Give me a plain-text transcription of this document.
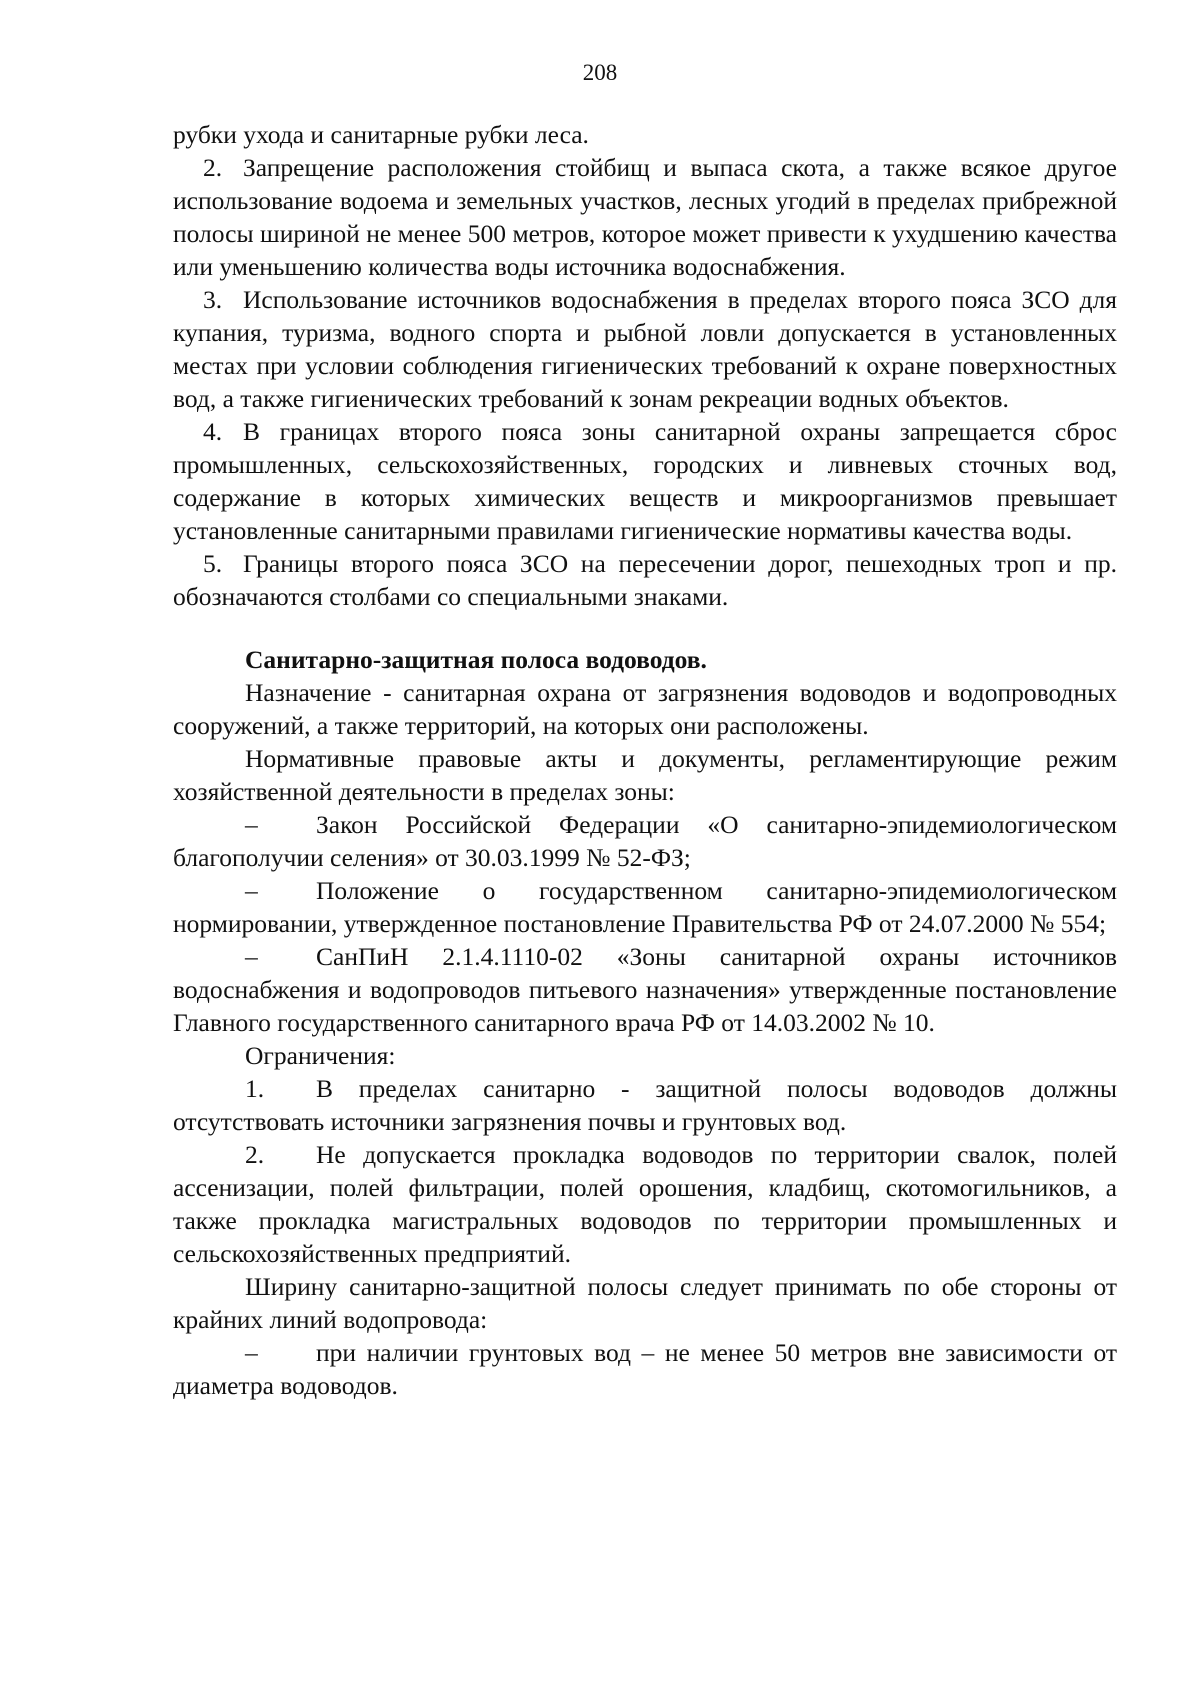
208

рубки ухода и санитарные рубки леса.

2. Запрещение расположения стойбищ и выпаса скота, а также всякое другое использование водоема и земельных участков, лесных угодий в пределах прибрежной полосы шириной не менее 500 метров, которое может привести к ухудшению качества или уменьшению количества воды источника водоснабжения.

3. Использование источников водоснабжения в пределах второго пояса ЗСО для купания, туризма, водного спорта и рыбной ловли допускается в установленных местах при условии соблюдения гигиенических требований к охране поверхностных вод, а также гигиенических требований к зонам рекреации водных объектов.

4. В границах второго пояса зоны санитарной охраны запрещается сброс промышленных, сельскохозяйственных, городских и ливневых сточных вод, содержание в которых химических веществ и микроорганизмов превышает установленные санитарными правилами гигиенические нормативы качества воды.

5. Границы второго пояса ЗСО на пересечении дорог, пешеходных троп и пр. обозначаются столбами со специальными знаками.

Санитарно-защитная полоса водоводов.

Назначение - санитарная охрана от загрязнения водоводов и водопроводных сооружений, а также территорий, на которых они расположены.

Нормативные правовые акты и документы, регламентирующие режим хозяйственной деятельности в пределах зоны:

– Закон Российской Федерации «О санитарно-эпидемиологическом благополучии селения» от 30.03.1999 № 52-ФЗ;

– Положение о государственном санитарно-эпидемиологическом нормировании, утвержденное постановление Правительства РФ от 24.07.2000 № 554;

– СанПиН 2.1.4.1110-02 «Зоны санитарной охраны источников водоснабжения и водопроводов питьевого назначения» утвержденные постановление Главного государственного санитарного врача РФ от 14.03.2002 № 10.

Ограничения:

1. В пределах санитарно - защитной полосы водоводов должны отсутствовать источники загрязнения почвы и грунтовых вод.

2. Не допускается прокладка водоводов по территории свалок, полей ассенизации, полей фильтрации, полей орошения, кладбищ, скотомогильников, а также прокладка магистральных водоводов по территории промышленных и сельскохозяйственных предприятий.

Ширину санитарно-защитной полосы следует принимать по обе стороны от крайних линий водопровода:

– при наличии грунтовых вод – не менее 50 метров вне зависимости от диаметра водоводов.
